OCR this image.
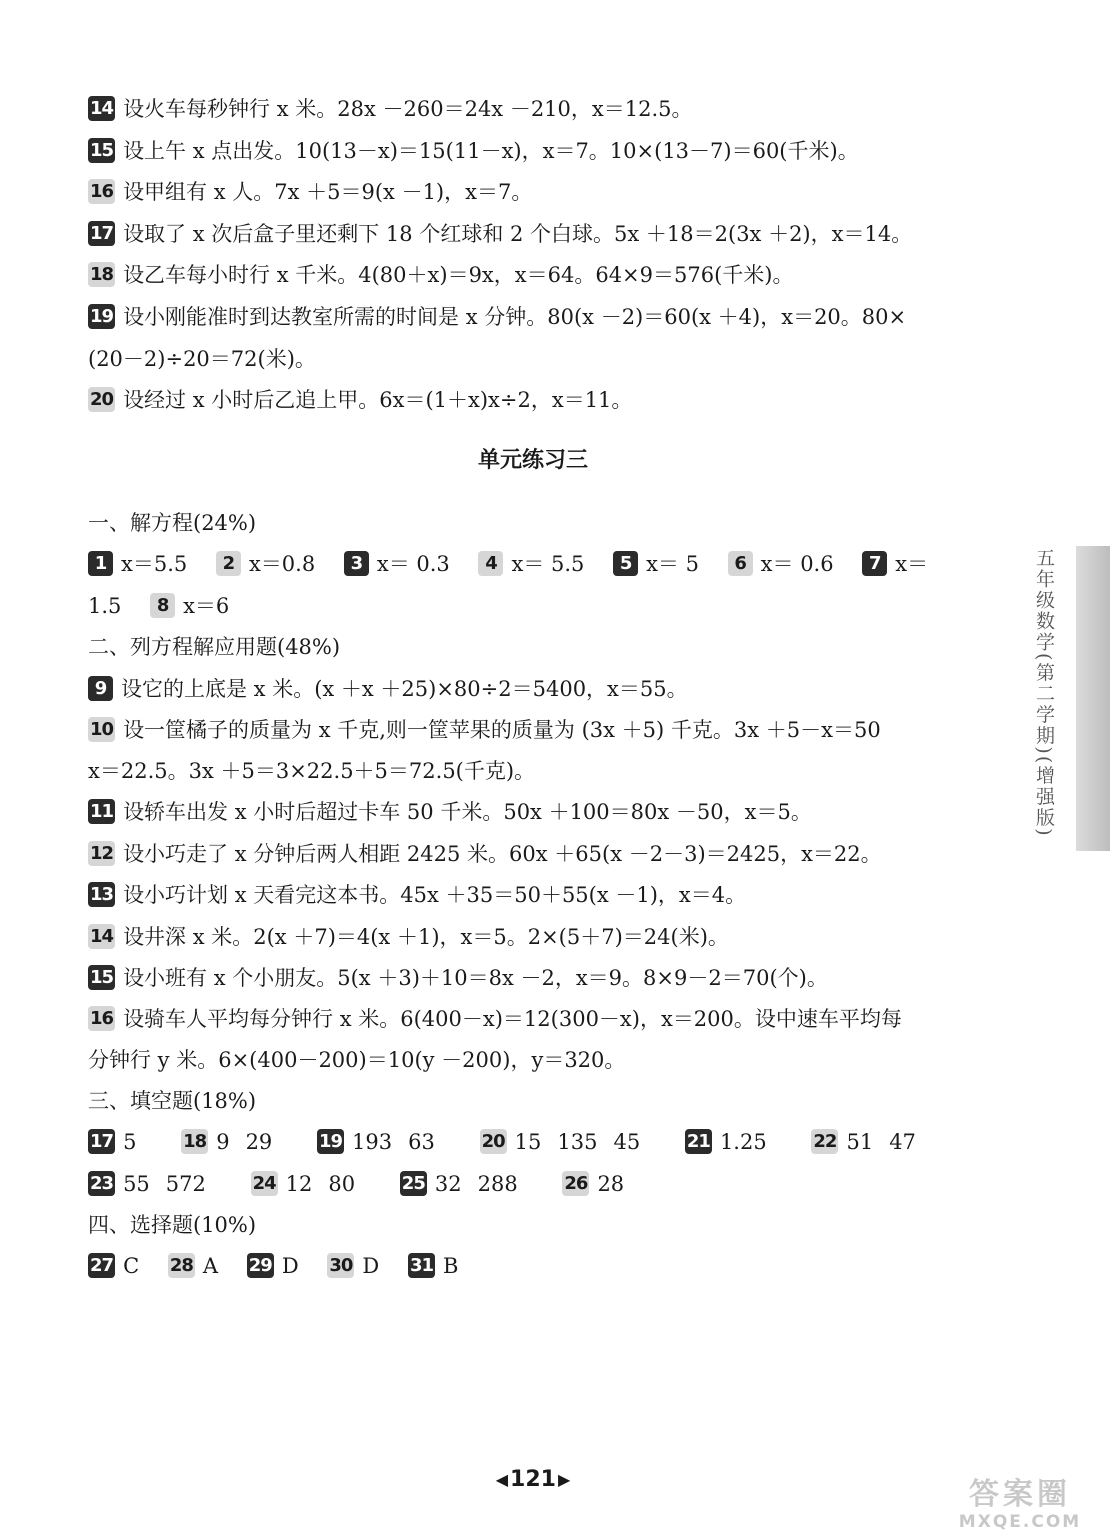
14 设火车每秒钟行 x 米。28x －260＝24x －210，x＝12.5。
15 设上午 x 点出发。10(13－x)＝15(11－x)，x＝7。10×(13－7)＝60(千米)。
16 设甲组有 x 人。7x ＋5＝9(x －1)，x＝7。
17 设取了 x 次后盒子里还剩下 18 个红球和 2 个白球。5x ＋18＝2(3x ＋2)，x＝14。
18 设乙车每小时行 x 千米。4(80＋x)＝9x，x＝64。64×9＝576(千米)。
19 设小刚能准时到达教室所需的时间是 x 分钟。80(x －2)＝60(x ＋4)，x＝20。80×
(20－2)÷20＝72(米)。
20 设经过 x 小时后乙追上甲。6x＝(1＋x)x÷2，x＝11。
单元练习三
一、解方程(24%)
1 x＝5.5 2 x＝0.8 3 x＝ 0.3 4 x＝ 5.5 5 x＝ 5 6 x＝ 0.6 7 x＝
1.5 8 x＝6
二、列方程解应用题(48%)
9 设它的上底是 x 米。(x ＋x ＋25)×80÷2＝5400，x＝55。
10 设一筐橘子的质量为 x 千克,则一筐苹果的质量为 (3x ＋5) 千克。3x ＋5－x＝50
x＝22.5。3x ＋5＝3×22.5＋5＝72.5(千克)。
11 设轿车出发 x 小时后超过卡车 50 千米。50x ＋100＝80x －50，x＝5。
12 设小巧走了 x 分钟后两人相距 2425 米。60x ＋65(x －2－3)＝2425，x＝22。
13 设小巧计划 x 天看完这本书。45x ＋35＝50＋55(x －1)，x＝4。
14 设井深 x 米。2(x ＋7)＝4(x ＋1)，x＝5。2×(5＋7)＝24(米)。
15 设小班有 x 个小朋友。5(x ＋3)＋10＝8x －2，x＝9。8×9－2＝70(个)。
16 设骑车人平均每分钟行 x 米。6(400－x)＝12(300－x)，x＝200。设中速车平均每
分钟行 y 米。6×(400－200)＝10(y －200)，y＝320。
三、填空题(18%)
17 5	18 9 29	19 193 63	20 15 135 45	21 1.25	22 51 47
23 55 572	24 12 80	25 32 288	26 28
四、选择题(10%)
27 C 28 A 29 D 30 D 31 B
五年级数学(第二学期)(增强版)
◀121 ▶	答案圈
MXQE.COM
